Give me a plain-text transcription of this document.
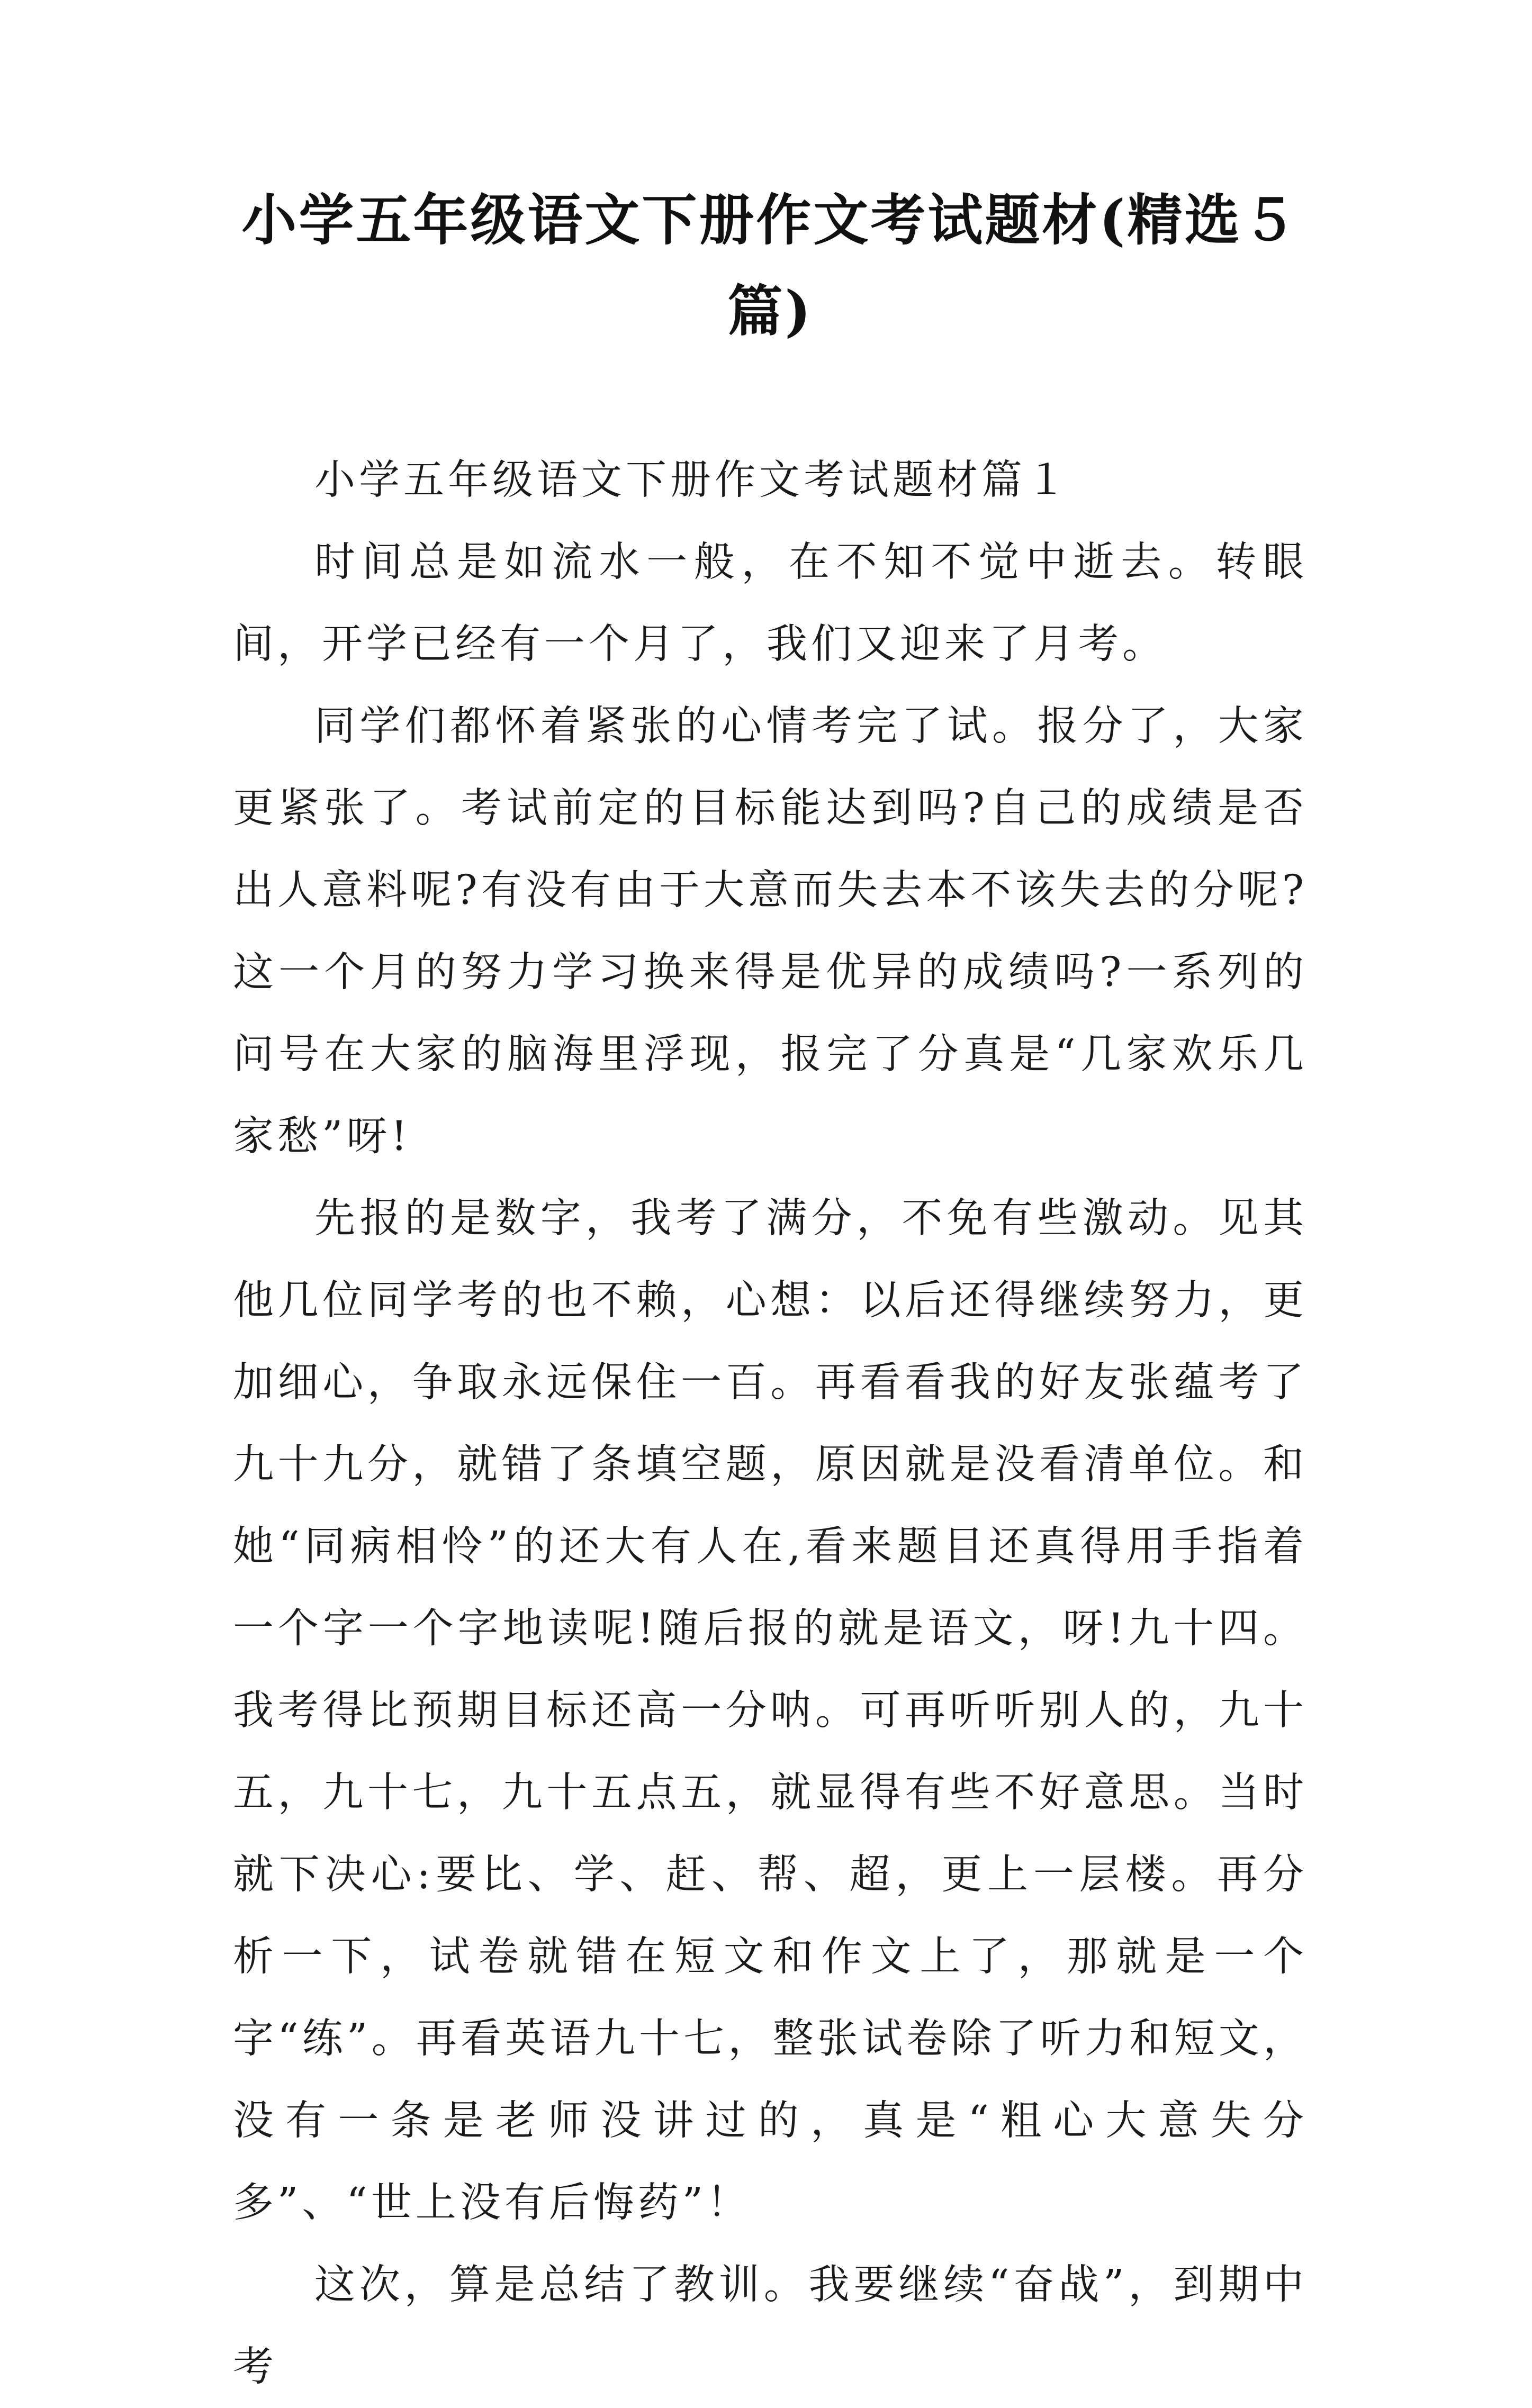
小学五年级语文下册作文考试题材(精选５篇)

小学五年级语文下册作文考试题材篇１

时间总是如流水一般，在不知不觉中逝去。转眼间，开学已经有一个月了，我们又迎来了月考。

同学们都怀着紧张的心情考完了试。报分了，大家更紧张了。考试前定的目标能达到吗?自己的成绩是否出人意料呢?有没有由于大意而失去本不该失去的分呢?这一个月的努力学习换来得是优异的成绩吗?一系列的问号在大家的脑海里浮现，报完了分真是“几家欢乐几家愁”呀!

先报的是数字，我考了满分，不免有些激动。见其他几位同学考的也不赖，心想：以后还得继续努力，更加细心，争取永远保住一百。再看看我的好友张蕴考了九十九分，就错了条填空题，原因就是没看清单位。和她“同病相怜”的还大有人在,看来题目还真得用手指着一个字一个字地读呢!随后报的就是语文，呀!九十四。我考得比预期目标还高一分呐。可再听听别人的，九十五，九十七，九十五点五，就显得有些不好意思。当时就下决心:要比、学、赶、帮、超，更上一层楼。再分析一下，试卷就错在短文和作文上了，那就是一个字“练”。再看英语九十七，整张试卷除了听力和短文，没有一条是老师没讲过的，真是“粗心大意失分多”、“世上没有后悔药”！

这次，算是总结了教训。我要继续“奋战”，到期中考
